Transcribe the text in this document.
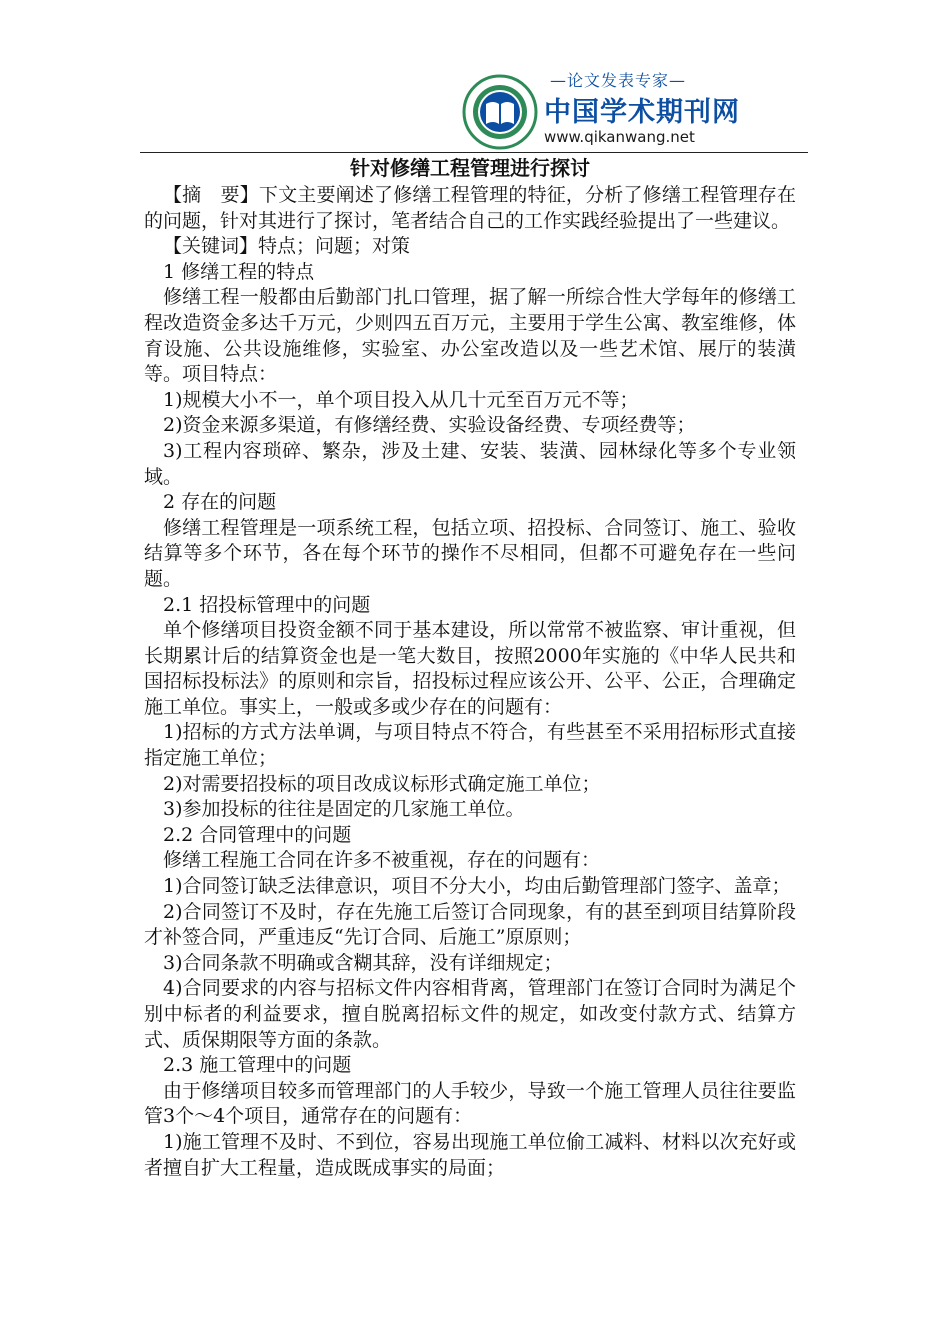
—论文发表专家—
中国学术期刊网
www.qikanwang.net
针对修缮工程管理进行探讨

【摘　要】下文主要阐述了修缮工程管理的特征，分析了修缮工程管理存在的问题，针对其进行了探讨，笔者结合自己的工作实践经验提出了一些建议。

【关键词】特点；问题；对策

1 修缮工程的特点

修缮工程一般都由后勤部门扎口管理，据了解一所综合性大学每年的修缮工程改造资金多达千万元，少则四五百万元，主要用于学生公寓、教室维修，体育设施、公共设施维修，实验室、办公室改造以及一些艺术馆、展厅的装潢等。项目特点：

1)规模大小不一，单个项目投入从几十元至百万元不等；

2)资金来源多渠道，有修缮经费、实验设备经费、专项经费等；

3)工程内容琐碎、繁杂，涉及土建、安装、装潢、园林绿化等多个专业领域。

2 存在的问题

修缮工程管理是一项系统工程，包括立项、招投标、合同签订、施工、验收结算等多个环节，各在每个环节的操作不尽相同，但都不可避免存在一些问题。

2.1 招投标管理中的问题

单个修缮项目投资金额不同于基本建设，所以常常不被监察、审计重视，但长期累计后的结算资金也是一笔大数目，按照2000年实施的《中华人民共和国招标投标法》的原则和宗旨，招投标过程应该公开、公平、公正，合理确定施工单位。事实上，一般或多或少存在的问题有：

1)招标的方式方法单调，与项目特点不符合，有些甚至不采用招标形式直接指定施工单位；

2)对需要招投标的项目改成议标形式确定施工单位；

3)参加投标的往往是固定的几家施工单位。

2.2 合同管理中的问题

修缮工程施工合同在许多不被重视，存在的问题有：

1)合同签订缺乏法律意识，项目不分大小，均由后勤管理部门签字、盖章；

2)合同签订不及时，存在先施工后签订合同现象，有的甚至到项目结算阶段才补签合同，严重违反“先订合同、后施工”原原则；

3)合同条款不明确或含糊其辞，没有详细规定；

4)合同要求的内容与招标文件内容相背离，管理部门在签订合同时为满足个别中标者的利益要求，擅自脱离招标文件的规定，如改变付款方式、结算方式、质保期限等方面的条款。

2.3 施工管理中的问题

由于修缮项目较多而管理部门的人手较少，导致一个施工管理人员往往要监管3个～4个项目，通常存在的问题有：

1)施工管理不及时、不到位，容易出现施工单位偷工减料、材料以次充好或者擅自扩大工程量，造成既成事实的局面；
